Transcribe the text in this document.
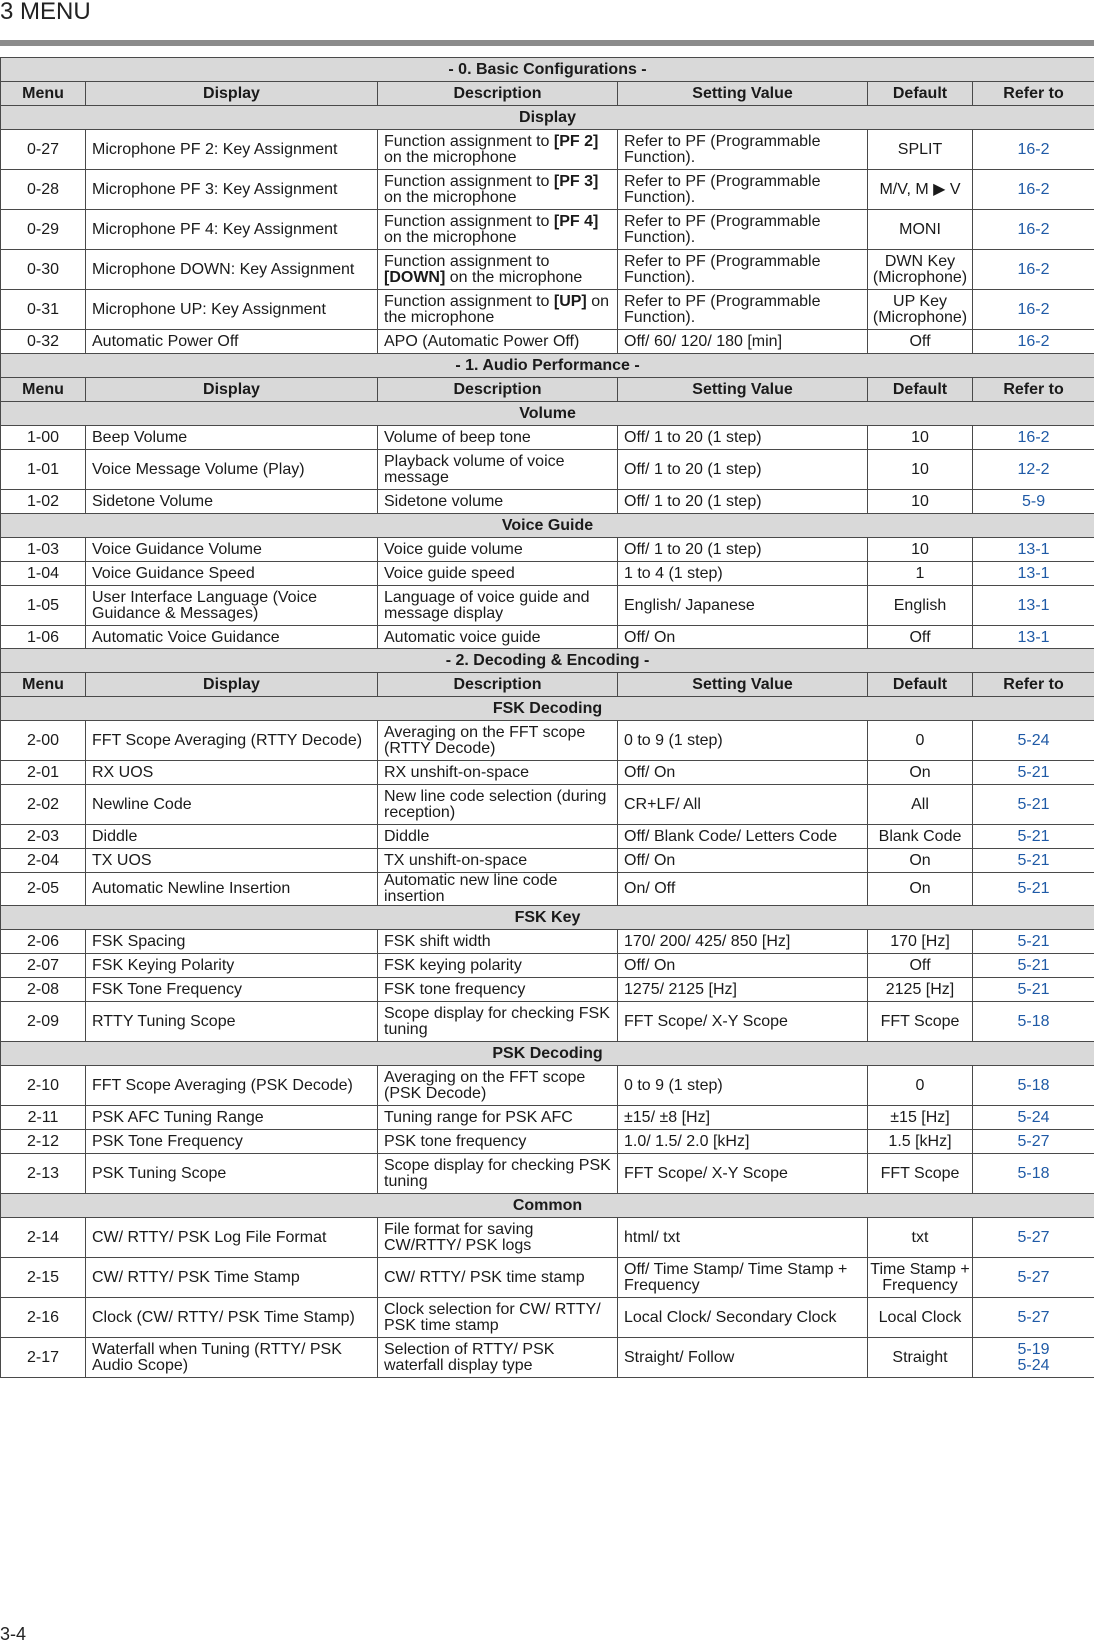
3 MENU
- 0. Basic Configurations -					
Menu	Display	Description	Setting Value	Default	Refer to
Display					
0-27	Microphone PF 2: Key Assignment	Function assignment to [PF 2] on the microphone	Refer to PF (Programmable Function).	SPLIT	16-2

0-28	Microphone PF 3: Key Assignment	Function assignment to [PF 3] on the microphone	Refer to PF (Programmable Function).	M/V, M ▶ V	16-2

0-29	Microphone PF 4: Key Assignment	Function assignment to [PF 4] on the microphone	Refer to PF (Programmable Function).	MONI	16-2

0-30	Microphone DOWN: Key Assignment	Function assignment to [DOWN] on the microphone	Refer to PF (Programmable Function).	DWN Key (Microphone)	16-2

0-31	Microphone UP: Key Assignment	Function assignment to [UP] on the microphone	Refer to PF (Programmable Function).	UP Key (Microphone)	16-2

0-32	Automatic Power Off	APO (Automatic Power Off)	Off/ 60/ 120/ 180 [min]	Off	16-2
- 1. Audio Performance -					
Menu	Display	Description	Setting Value	Default	Refer to
Volume					
1-00	Beep Volume	Volume of beep tone	Off/ 1 to 20 (1 step)	10	16-2

1-01	Voice Message Volume (Play)	Playback volume of voice message	Off/ 1 to 20 (1 step)	10	12-2

1-02	Sidetone Volume	Sidetone volume	Off/ 1 to 20 (1 step)	10	5-9

Voice Guide					
1-03	Voice Guidance Volume	Voice guide volume	Off/ 1 to 20 (1 step)	10	13-1

1-04	Voice Guidance Speed	Voice guide speed	1 to 4 (1 step)	1	13-1

1-05	User Interface Language (Voice Guidance & Messages)	Language of voice guide and message display	English/ Japanese	English	13-1

1-06	Automatic Voice Guidance	Automatic voice guide	Off/ On	Off	13-1
- 2. Decoding & Encoding -					
Menu	Display	Description	Setting Value	Default	Refer to
FSK Decoding					
2-00	FFT Scope Averaging (RTTY Decode)	Averaging on the FFT scope (RTTY Decode)	0 to 9 (1 step)	0	5-24

2-01	RX UOS	RX unshift-on-space	Off/ On	On	5-21

2-02	Newline Code	New line code selection (during reception)	CR+LF/ All	All	5-21

2-03	Diddle	Diddle	Off/ Blank Code/ Letters Code	Blank Code	5-21

2-04	TX UOS	TX unshift-on-space	Off/ On	On	5-21

2-05	Automatic Newline Insertion	Automatic new line code insertion	On/ Off	On	5-21

FSK Key					
2-06	FSK Spacing	FSK shift width	170/ 200/ 425/ 850 [Hz]	170 [Hz]	5-21

2-07	FSK Keying Polarity	FSK keying polarity	Off/ On	Off	5-21

2-08	FSK Tone Frequency	FSK tone frequency	1275/ 2125 [Hz]	2125 [Hz]	5-21

2-09	RTTY Tuning Scope	Scope display for checking FSK tuning	FFT Scope/ X-Y Scope	FFT Scope	5-18

PSK Decoding					
2-10	FFT Scope Averaging (PSK Decode)	Averaging on the FFT scope (PSK Decode)	0 to 9 (1 step)	0	5-18

2-11	PSK AFC Tuning Range	Tuning range for PSK AFC	±15/ ±8 [Hz]	±15 [Hz]	5-24

2-12	PSK Tone Frequency	PSK tone frequency	1.0/ 1.5/ 2.0 [kHz]	1.5 [kHz]	5-27

2-13	PSK Tuning Scope	Scope display for checking PSK tuning	FFT Scope/ X-Y Scope	FFT Scope	5-18

Common					
2-14	CW/ RTTY/ PSK Log File Format	File format for saving CW/RTTY/ PSK logs	html/ txt	txt	5-27

2-15	CW/ RTTY/ PSK Time Stamp	CW/ RTTY/ PSK time stamp	Off/ Time Stamp/ Time Stamp + Frequency	Time Stamp + Frequency	5-27

2-16	Clock (CW/ RTTY/ PSK Time Stamp)	Clock selection for CW/ RTTY/ PSK time stamp	Local Clock/ Secondary Clock	Local Clock	5-27

2-17	Waterfall when Tuning (RTTY/ PSK Audio Scope)	Selection of RTTY/ PSK waterfall display type	Straight/ Follow	Straight	5-19
5-24
3-4
